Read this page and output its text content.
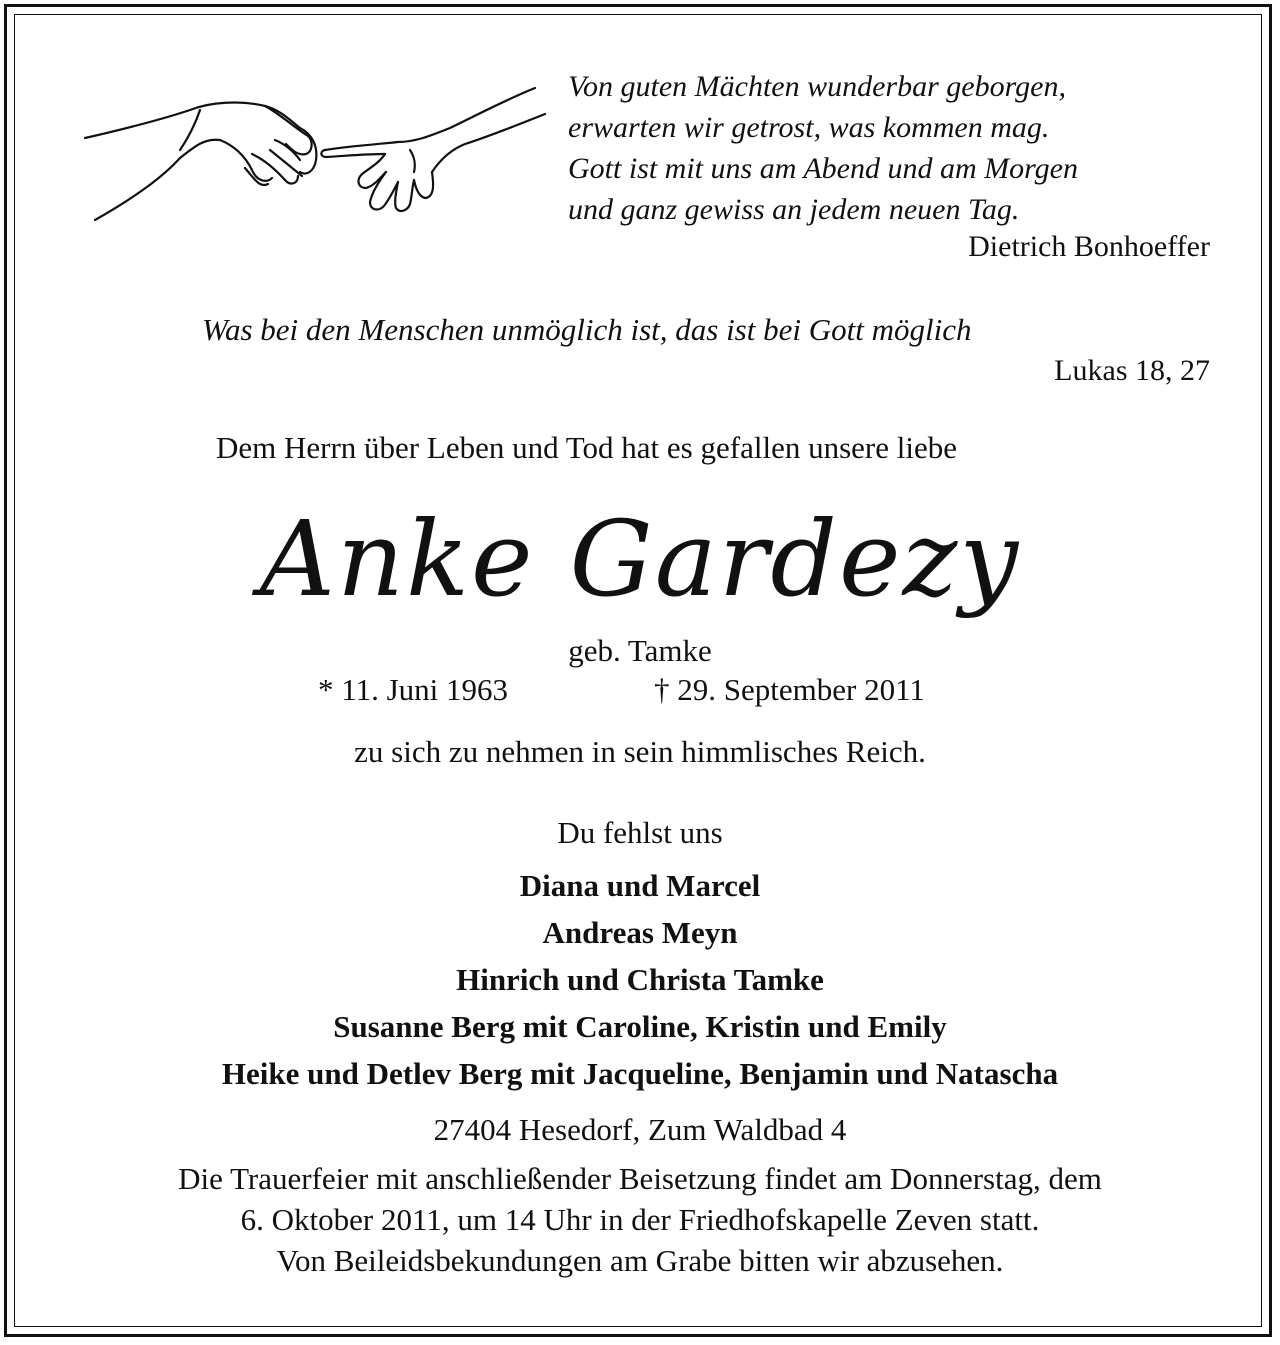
Von guten Mächten wunderbar geborgen,
erwarten wir getrost, was kommen mag.
Gott ist mit uns am Abend und am Morgen
und ganz gewiss an jedem neuen Tag.
Dietrich Bonhoeffer
Was bei den Menschen unmöglich ist, das ist bei Gott möglich
Lukas 18, 27
Dem Herrn über Leben und Tod hat es gefallen unsere liebe
Anke Gardezy
geb. Tamke
* 11. Juni 1963	† 29. September 2011
zu sich zu nehmen in sein himmlisches Reich.
Du fehlst uns
Diana und Marcel
Andreas Meyn
Hinrich und Christa Tamke
Susanne Berg mit Caroline, Kristin und Emily
Heike und Detlev Berg mit Jacqueline, Benjamin und Natascha
27404 Hesedorf, Zum Waldbad 4
Die Trauerfeier mit anschließender Beisetzung findet am Donnerstag, dem
6. Oktober 2011, um 14 Uhr in der Friedhofskapelle Zeven statt.
Von Beileidsbekundungen am Grabe bitten wir abzusehen.
